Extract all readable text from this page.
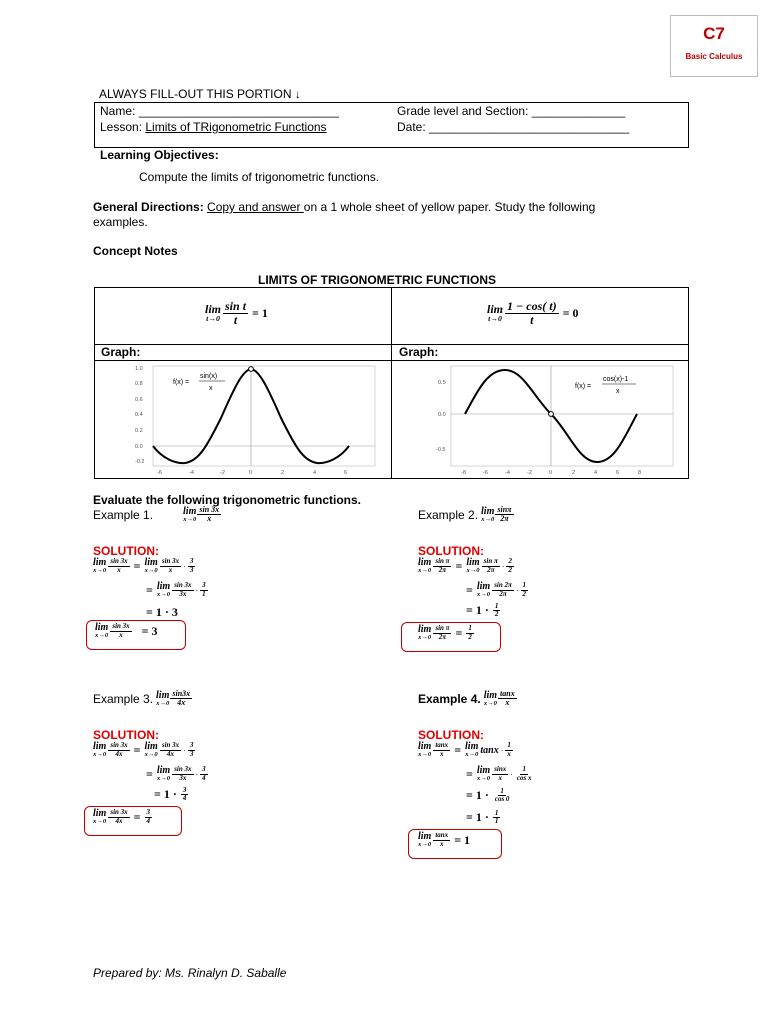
C7
Basic Calculus
ALWAYS FILL-OUT THIS PORTION ↓
Name: ______________________________	Grade level and Section: ______________
Lesson: Limits of TRigonometric Functions	Date: ______________________________
Learning Objectives:
Compute the limits of trigonometric functions.
General Directions: Copy and answer on a 1 whole sheet of yellow paper. Study the following
examples.
Concept Notes
LIMITS OF TRIGONOMETRIC FUNCTIONS
lim
$t\to 0 \frac{\text{sin t}}{t} = 1$	lim
$t\to 0 \frac{1 - \cos( t)}{t} = 0$
Graph:	Graph:
1.0
0.8
0.6
0.4
0.2
0.0
-0.2
-6	-4	-2	0	2	4	6
f(x) =
sin(x)
x
0.5
0.0
-0.5
-8	-6	-4	-2	0	2	4	6	8
f(x) =
cos(x)-1
x
Evaluate the following trigonometric functions.
Example 1.	lim
$x\to 0 \frac{\sin 3x}{x}$	Example 2. lim
$x\to 0 \frac{\sin\pi}{2\pi}$
SOLUTION:	SOLUTION:
lim
$x\to 0 \frac{\sin 3x}{x} = \lim$
$x\to 0 \frac{\sin 3x}{x} \cdot \frac{3}{3}$
= lim
$x\to 0 \frac{\sin 3x}{3x} \cdot \frac{3}{1}$
= 1 · 3
lim
$x\to 0 \frac{\sin 3x}{x} = 3$
lim
$x\to 0 \frac{\text{sin π}}{2\pi} = \lim$
$x\to 0 \frac{\text{sin π}}{2\pi} \cdot \frac{2}{2}$
= lim
$x\to 0 \frac{\sin 2\pi}{2\pi} \cdot \frac{1}{2}$
= $1 \cdot \frac{1}{2}$
lim
$x\to 0 \frac{\text{sin π}}{2\pi} = \frac{1}{2}$
Example 3. lim
$x\to 0 \frac{\sin 3x}{4x}$	Example 4. lim
$x\to 0 \frac{\tan x}{x}$
SOLUTION:	SOLUTION:
lim
$x\to 0 \frac{\sin 3x}{4x} = \lim$
$x\to 0 \frac{\sin 3x}{4x} \cdot \frac{3}{3}$
= lim
$x\to 0 \frac{\sin 3x}{3x} \cdot \frac{3}{4}$
= $1 \cdot \frac{3}{4}$
lim
$x\to 0 \frac{\sin 3x}{4x} = \frac{3}{4}$
lim
$x\to 0 \frac{\tan x}{x} = \lim$
x→0 $\tan x \cdot \frac{1}{x}$
= lim
$x\to 0 \frac{\sin x}{x} \cdot \frac{1}{\text{cos x}}$
= $1 \cdot \frac{1}{\cos 0}$
= $1 \cdot \frac{1}{1}$
lim
$x\to 0 \frac{\tan x}{x} = 1$
Prepared by: Ms. Rinalyn D. Saballe
